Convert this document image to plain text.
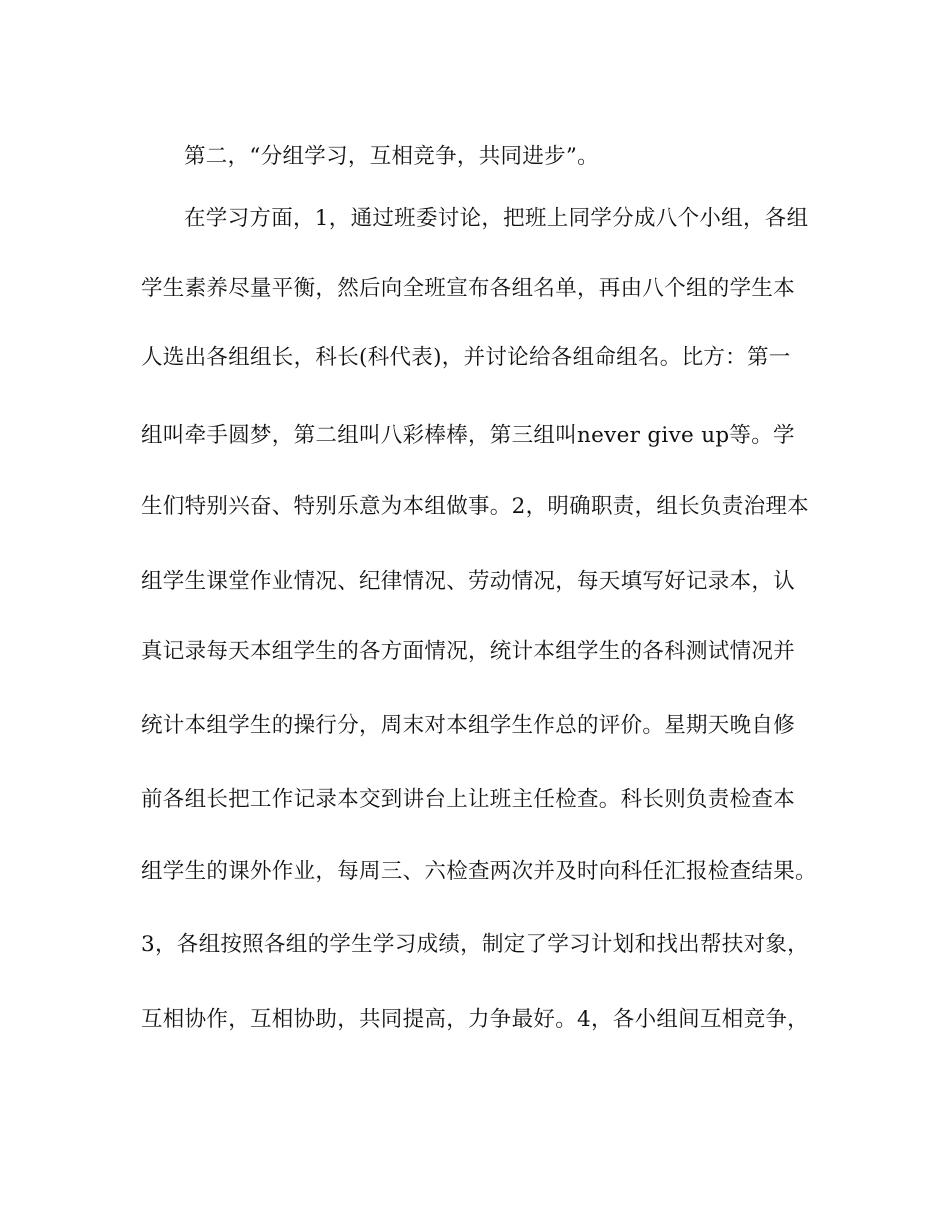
第二，“分组学习，互相竞争，共同进步”。
在学习方面，1，通过班委讨论，把班上同学分成八个小组，各组
学生素养尽量平衡，然后向全班宣布各组名单，再由八个组的学生本
人选出各组组长，科长(科代表)，并讨论给各组命组名。比方：第一
组叫牵手圆梦，第二组叫八彩棒棒，第三组叫never give up等。学
生们特别兴奋、特别乐意为本组做事。2，明确职责，组长负责治理本
组学生课堂作业情况、纪律情况、劳动情况，每天填写好记录本，认
真记录每天本组学生的各方面情况，统计本组学生的各科测试情况并
统计本组学生的操行分，周末对本组学生作总的评价。星期天晚自修
前各组长把工作记录本交到讲台上让班主任检查。科长则负责检查本
组学生的课外作业，每周三、六检查两次并及时向科任汇报检查结果。
3，各组按照各组的学生学习成绩，制定了学习计划和找出帮扶对象，
互相协作，互相协助，共同提高，力争最好。4，各小组间互相竞争，
